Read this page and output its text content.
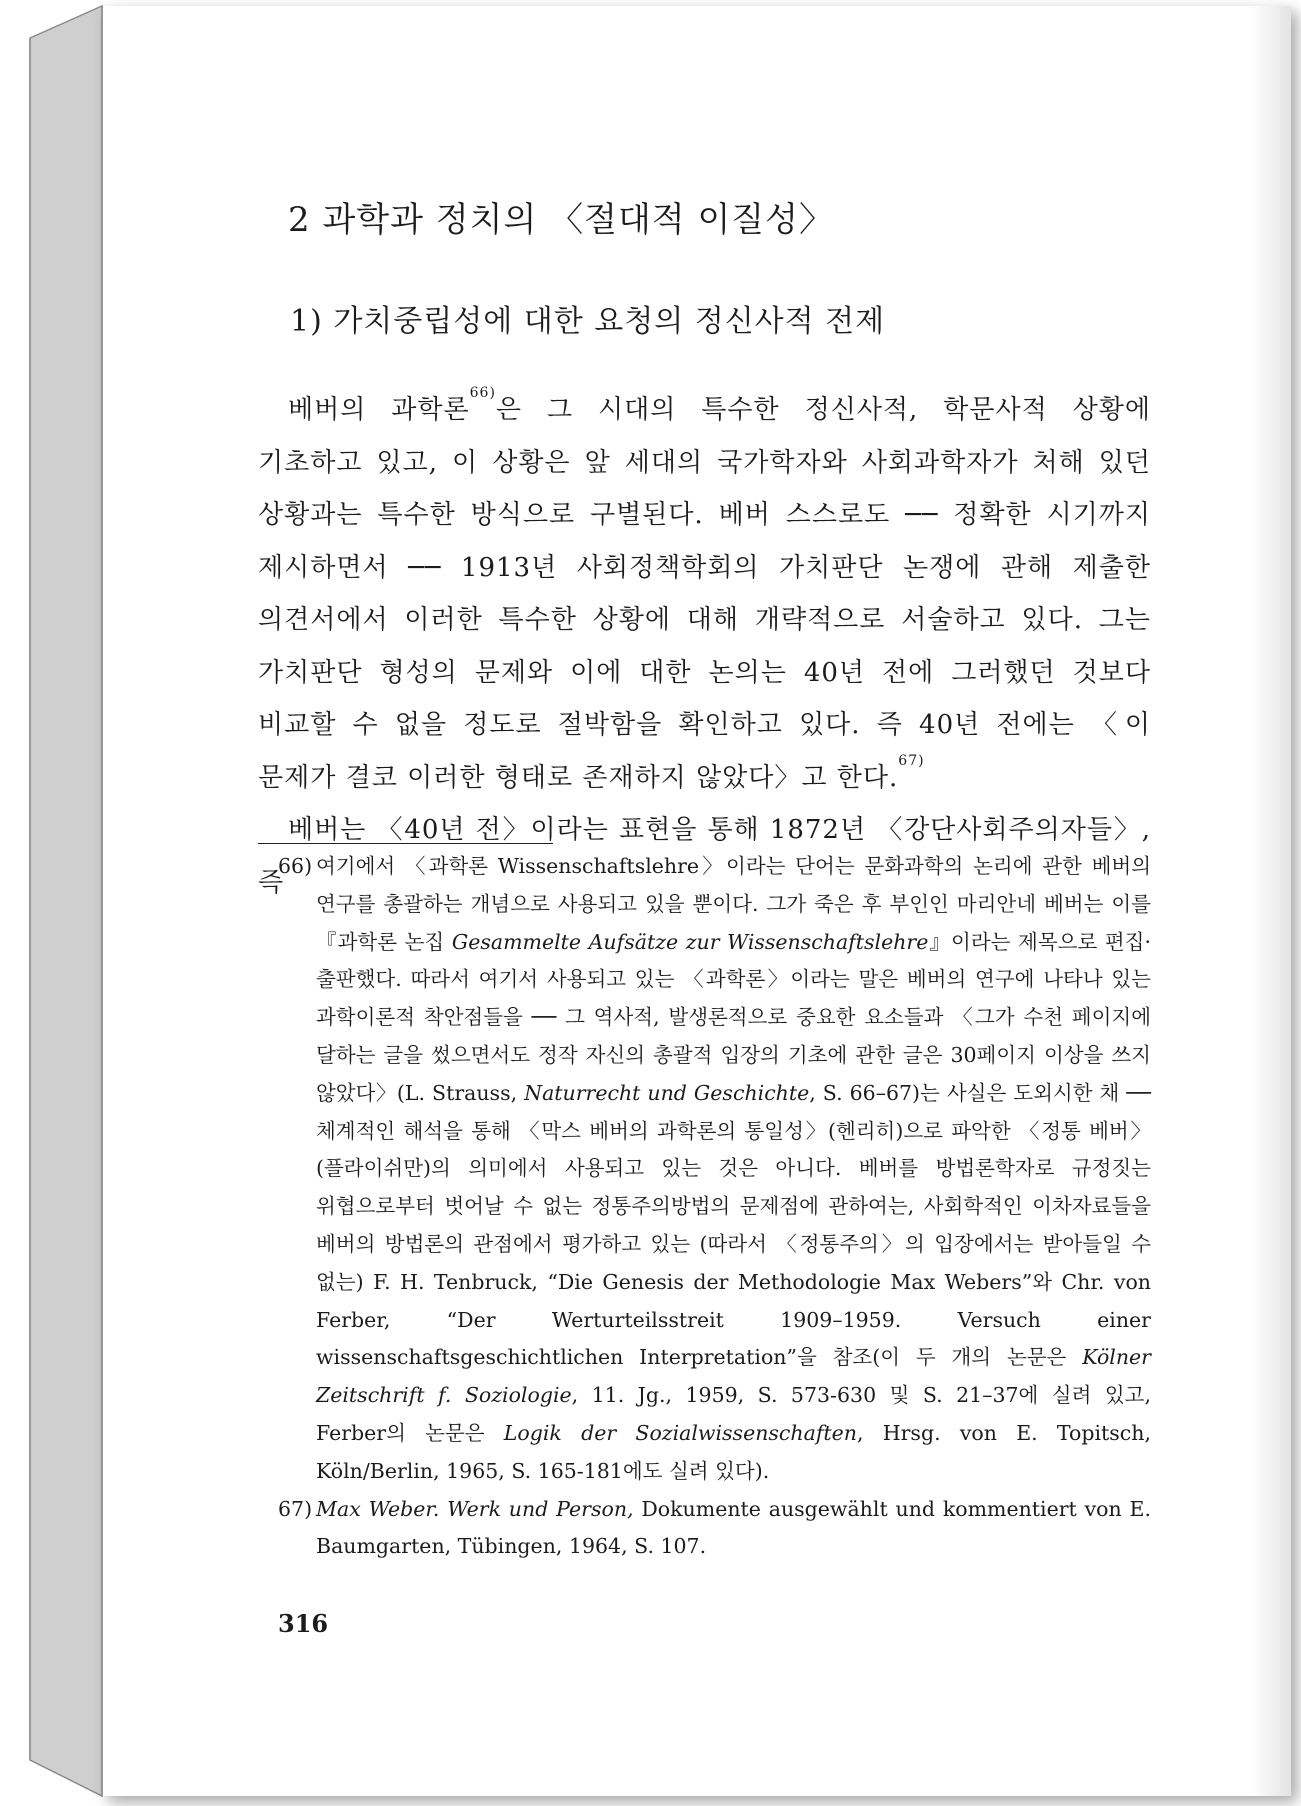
2 과학과 정치의 〈절대적 이질성〉
1) 가치중립성에 대한 요청의 정신사적 전제

베버의 과학론$^{66)}$은 그 시대의 특수한 정신사적, 학문사적 상황에 기초하고 있고, 이 상황은 앞 세대의 국가학자와 사회과학자가 처해 있던 상황과는 특수한 방식으로 구별된다. 베버 스스로도 ── 정확한 시기까지 제시하면서 ── 1913년 사회정책학회의 가치판단 논쟁에 관해 제출한 의견서에서 이러한 특수한 상황에 대해 개략적으로 서술하고 있다. 그는 가치판단 형성의 문제와 이에 대한 논의는 40년 전에 그러했던 것보다 비교할 수 없을 정도로 절박함을 확인하고 있다. 즉 40년 전에는 〈이 문제가 결코 이러한 형태로 존재하지 않았다〉고 한다.$^{67)}$

베버는 〈40년 전〉이라는 표현을 통해 1872년 〈강단사회주의자들〉, 즉

66) 여기에서 〈과학론 Wissenschaftslehre〉이라는 단어는 문화과학의 논리에 관한 베버의 연구를 총괄하는 개념으로 사용되고 있을 뿐이다. 그가 죽은 후 부인인 마리안네 베버는 이를 『과학론 논집 Gesammelte Aufsätze zur Wissenschaftslehre』이라는 제목으로 편집·출판했다. 따라서 여기서 사용되고 있는 〈과학론〉이라는 말은 베버의 연구에 나타나 있는 과학이론적 착안점들을 ── 그 역사적, 발생론적으로 중요한 요소들과 〈그가 수천 페이지에 달하는 글을 썼으면서도 정작 자신의 총괄적 입장의 기초에 관한 글은 30페이지 이상을 쓰지 않았다〉(L. Strauss, Naturrecht und Geschichte, S. 66–67)는 사실은 도외시한 채 ── 체계적인 해석을 통해 〈막스 베버의 과학론의 통일성〉(헨리히)으로 파악한 〈정통 베버〉(플라이쉬만)의 의미에서 사용되고 있는 것은 아니다. 베버를 방법론학자로 규정짓는 위협으로부터 벗어날 수 없는 정통주의방법의 문제점에 관하여는, 사회학적인 이차자료들을 베버의 방법론의 관점에서 평가하고 있는 (따라서 〈정통주의〉의 입장에서는 받아들일 수 없는) F. H. Tenbruck, “Die Genesis der Methodologie Max Webers”와 Chr. von Ferber, “Der Werturteilsstreit 1909–1959. Versuch einer wissenschaftsgeschichtlichen Interpretation”을 참조(이 두 개의 논문은 Kölner Zeitschrift f. Soziologie, 11. Jg., 1959, S. 573-630 및 S. 21–37에 실려 있고, Ferber의 논문은 Logik der Sozialwissenschaften, Hrsg. von E. Topitsch, Köln/Berlin, 1965, S. 165-181에도 실려 있다).
67) Max Weber. Werk und Person, Dokumente ausgewählt und kommentiert von E. Baumgarten, Tübingen, 1964, S. 107.
316
